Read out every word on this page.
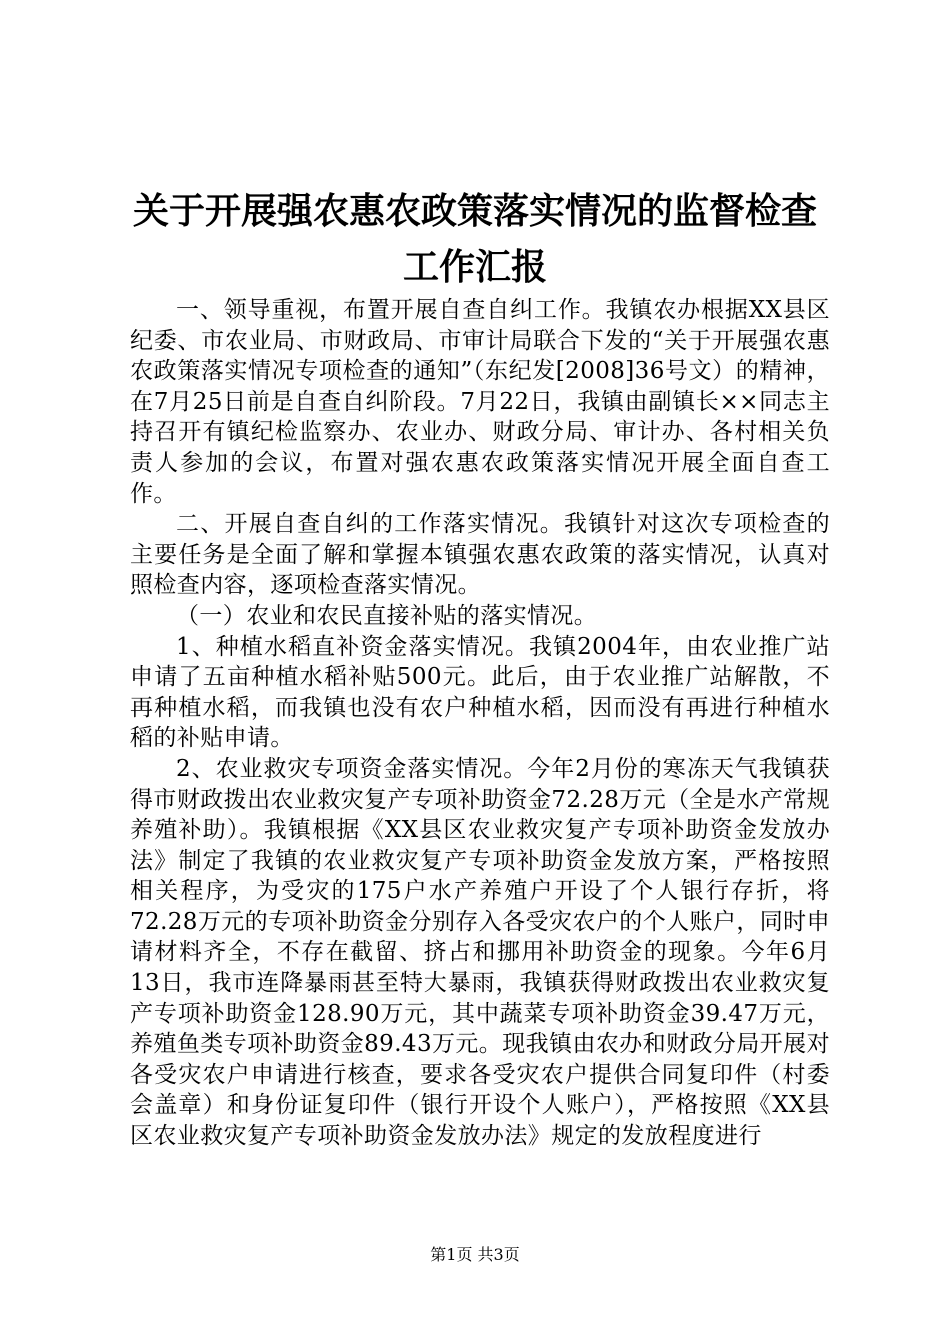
关于开展强农惠农政策落实情况的监督检查工作汇报

一、领导重视，布置开展自查自纠工作。我镇农办根据XX县区纪委、市农业局、市财政局、市审计局联合下发的“关于开展强农惠农政策落实情况专项检查的通知”（东纪发[2008]36号文）的精神，在7月25日前是自查自纠阶段。7月22日，我镇由副镇长××同志主持召开有镇纪检监察办、农业办、财政分局、审计办、各村相关负责人参加的会议，布置对强农惠农政策落实情况开展全面自查工作。

二、开展自查自纠的工作落实情况。我镇针对这次专项检查的主要任务是全面了解和掌握本镇强农惠农政策的落实情况，认真对照检查内容，逐项检查落实情况。

（一）农业和农民直接补贴的落实情况。

1、种植水稻直补资金落实情况。我镇2004年，由农业推广站申请了五亩种植水稻补贴500元。此后，由于农业推广站解散，不再种植水稻，而我镇也没有农户种植水稻，因而没有再进行种植水稻的补贴申请。

2、农业救灾专项资金落实情况。今年2月份的寒冻天气我镇获得市财政拨出农业救灾复产专项补助资金72.28万元（全是水产常规养殖补助）。我镇根据《XX县区农业救灾复产专项补助资金发放办法》制定了我镇的农业救灾复产专项补助资金发放方案，严格按照相关程序，为受灾的175户水产养殖户开设了个人银行存折，将72.28万元的专项补助资金分别存入各受灾农户的个人账户，同时申请材料齐全，不存在截留、挤占和挪用补助资金的现象。今年6月13日，我市连降暴雨甚至特大暴雨，我镇获得财政拨出农业救灾复产专项补助资金128.90万元，其中蔬菜专项补助资金39.47万元，养殖鱼类专项补助资金89.43万元。现我镇由农办和财政分局开展对各受灾农户申请进行核查，要求各受灾农户提供合同复印件（村委会盖章）和身份证复印件（银行开设个人账户），严格按照《XX县区农业救灾复产专项补助资金发放办法》规定的发放程度进行

第1页 共3页
